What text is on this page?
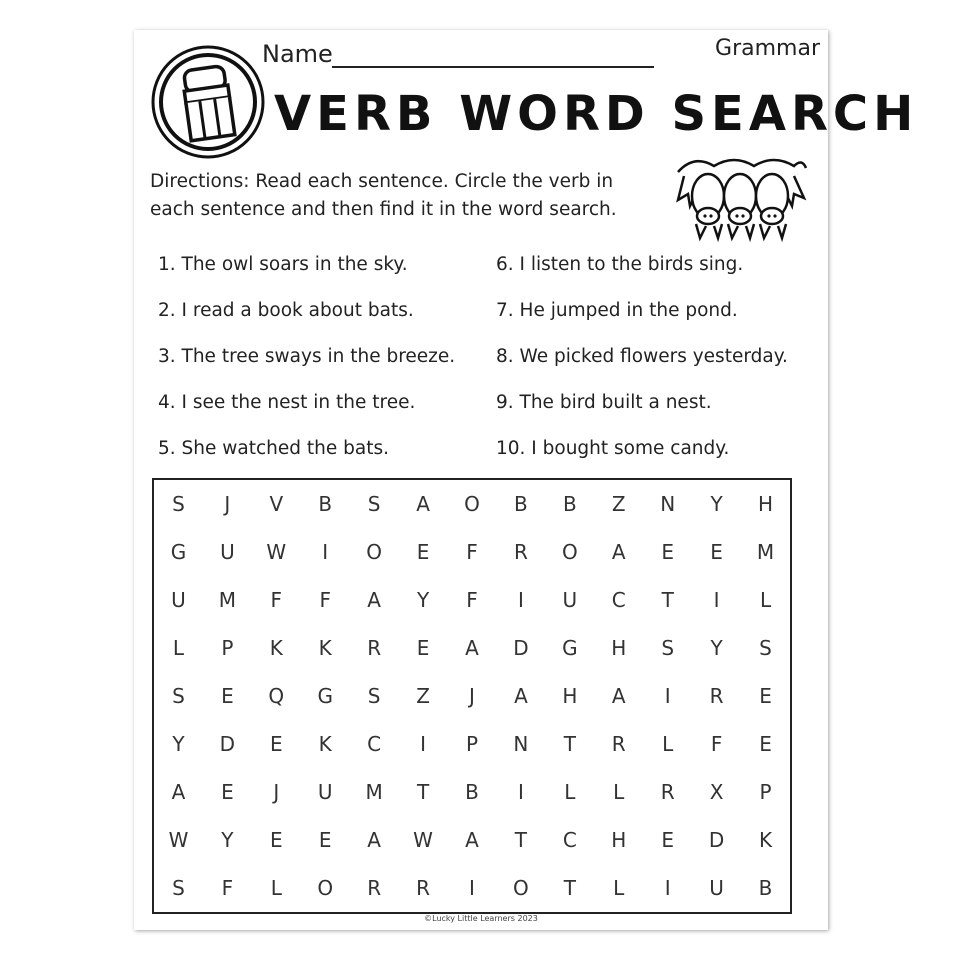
Name	Grammar
VERB WORD SEARCH
Directions: Read each sentence. Circle the verb in each sentence and then find it in the word search.
1. The owl soars in the sky.
2. I read a book about bats.
3. The tree sways in the breeze.
4. I see the nest in the tree.
5. She watched the bats.
6. I listen to the birds sing.
7. He jumped in the pond.
8. We picked flowers yesterday.
9. The bird built a nest.
10. I bought some candy.
S	J	V	B	S	A	O	B	B	Z	N	Y	H
G	U	W	I	O	E	F	R	O	A	E	E	M
U	M	F	F	A	Y	F	I	U	C	T	I	L
L	P	K	K	R	E	A	D	G	H	S	Y	S
S	E	Q	G	S	Z	J	A	H	A	I	R	E
Y	D	E	K	C	I	P	N	T	R	L	F	E
A	E	J	U	M	T	B	I	L	L	R	X	P
W	Y	E	E	A	W	A	T	C	H	E	D	K
S	F	L	O	R	R	I	O	T	L	I	U	B
©Lucky Little Learners 2023
